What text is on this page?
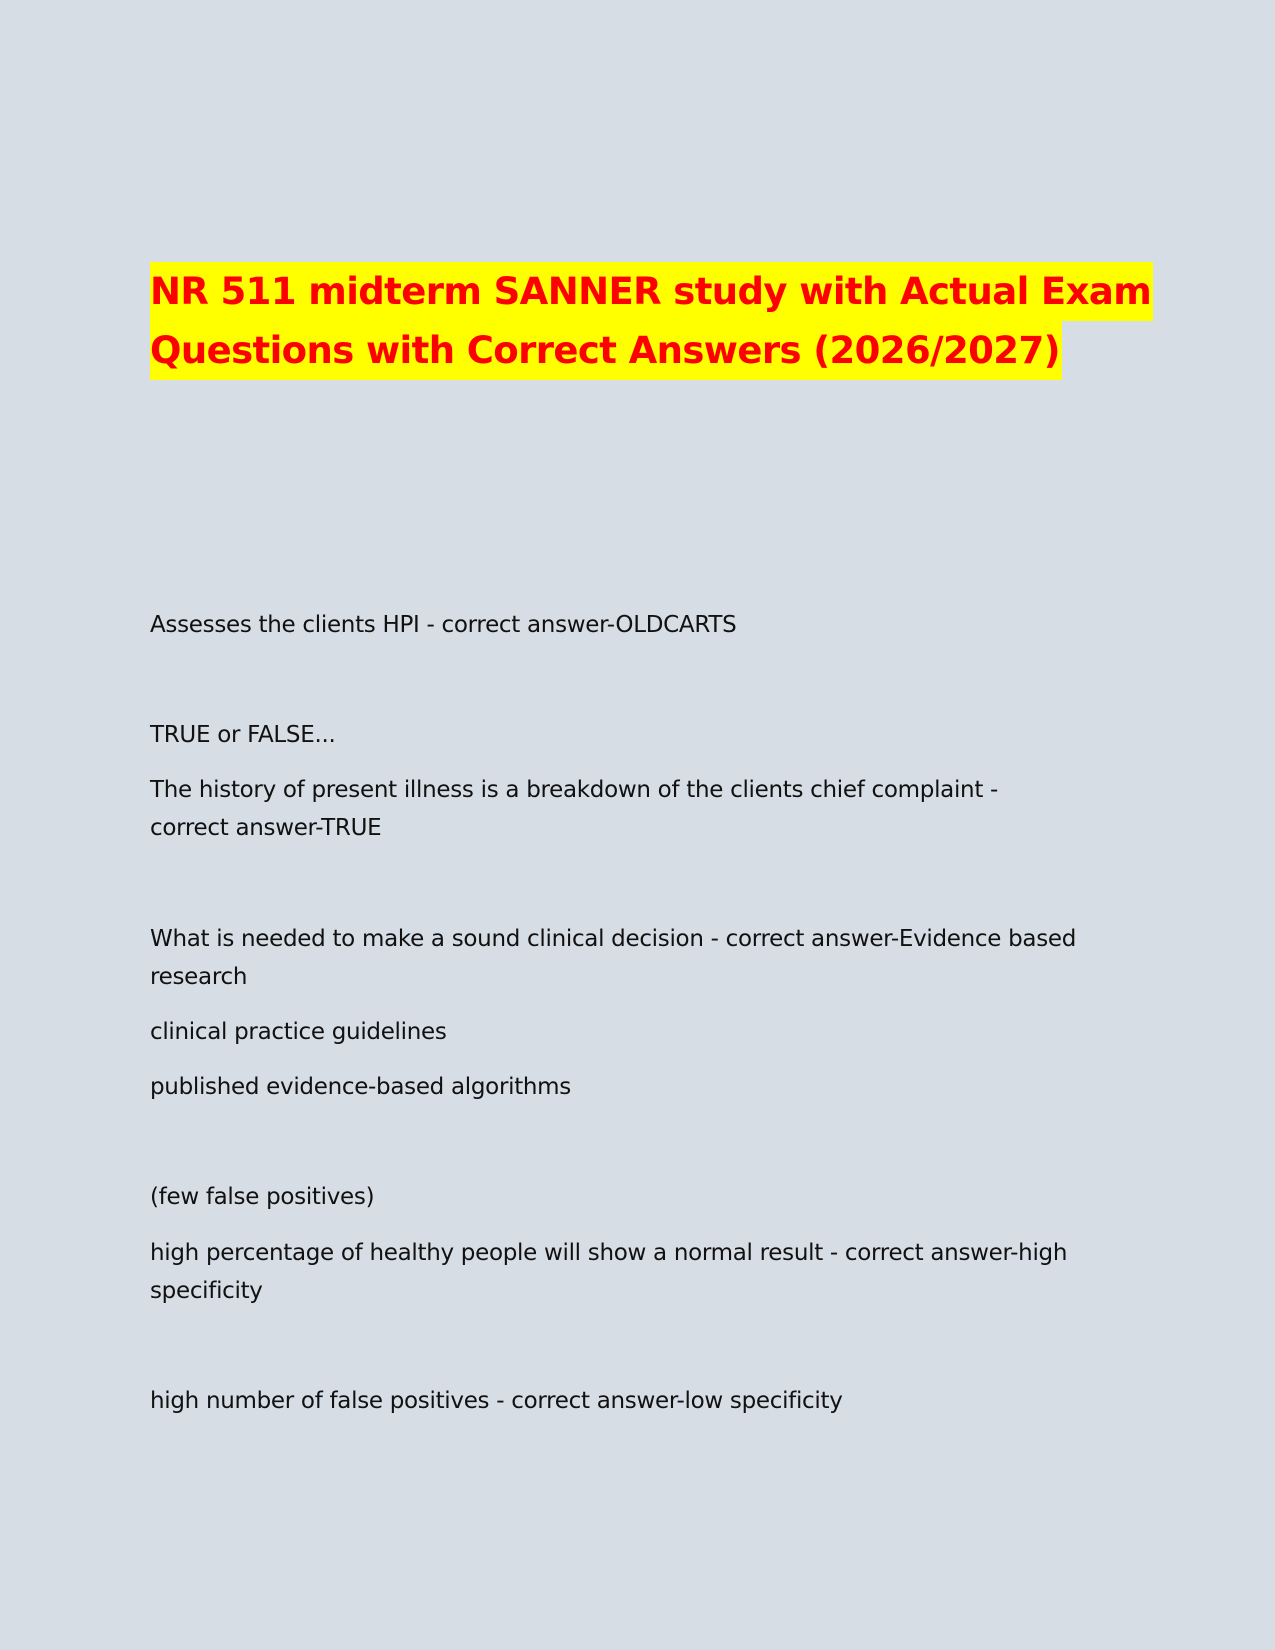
NR 511 midterm SANNER study with Actual Exam
Questions with Correct Answers (2026/2027)
Assesses the clients HPI - correct answer-OLDCARTS
TRUE or FALSE...
The history of present illness is a breakdown of the clients chief complaint -
correct answer-TRUE
What is needed to make a sound clinical decision - correct answer-Evidence based
research
clinical practice guidelines
published evidence-based algorithms
(few false positives)
high percentage of healthy people will show a normal result - correct answer-high
specificity
high number of false positives - correct answer-low specificity
